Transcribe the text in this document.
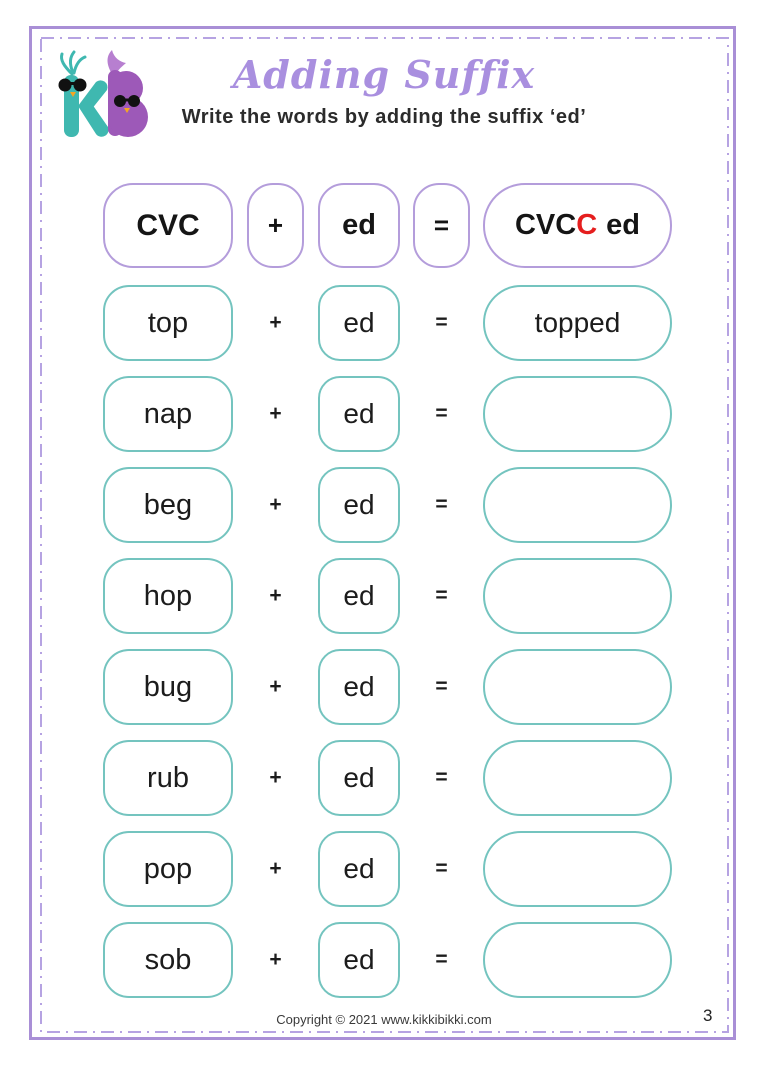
Adding Suffix
Write the words by adding the suffix ‘ed’
CVC	+ ed = CVC C ed
top	+ ed	=	topped
nap	+ ed	=
beg	+ ed	=
hop	+ ed	=
bug	+ ed	=
rub	+ ed	=
pop	+ ed	=
sob	+ ed	=
Copyright © 2021 www.kikkibikki.com	3
